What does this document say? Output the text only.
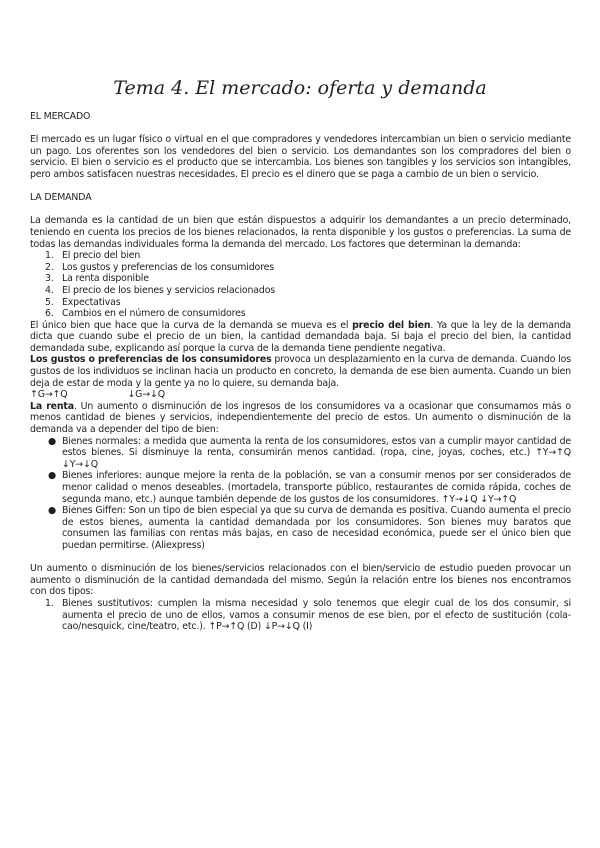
Tema 4. El mercado: oferta y demanda

EL MERCADO

El mercado es un lugar físico o virtual en el que compradores y vendedores intercambian un bien o servicio mediante un pago. Los oferentes son los vendedores del bien o servicio. Los demandantes son los compradores del bien o servicio. El bien o servicio es el producto que se intercambia. Los bienes son tangibles y los servicios son intangibles, pero ambos satisfacen nuestras necesidades. El precio es el dinero que se paga a cambio de un bien o servicio.

LA DEMANDA

La demanda es la cantidad de un bien que están dispuestos a adquirir los demandantes a un precio determinado, teniendo en cuenta los precios de los bienes relacionados, la renta disponible y los gustos o preferencias. La suma de todas las demandas individuales forma la demanda del mercado. Los factores que determinan la demanda:

1. El precio del bien
2. Los gustos y preferencias de los consumidores
3. La renta disponible
4. El precio de los bienes y servicios relacionados
5. Expectativas
6. Cambios en el número de consumidores

El único bien que hace que la curva de la demanda se mueva es el precio del bien. Ya que la ley de la demanda dicta que cuando sube el precio de un bien, la cantidad demandada baja. Si baja el precio del bien, la cantidad demandada sube, explicando así porque la curva de la demanda tiene pendiente negativa.

Los gustos o preferencias de los consumidores provoca un desplazamiento en la curva de demanda. Cuando los gustos de los individuos se inclinan hacia un producto en concreto, la demanda de ese bien aumenta. Cuando un bien deja de estar de moda y la gente ya no lo quiere, su demanda baja.

↑G→↑Q	↓G→↓Q

La renta. Un aumento o disminución de los ingresos de los consumidores va a ocasionar que consumamos más o menos cantidad de bienes y servicios, independientemente del precio de estos. Un aumento o disminución de la demanda va a depender del tipo de bien:

● Bienes normales: a medida que aumenta la renta de los consumidores, estos van a cumplir mayor cantidad de estos bienes. Si disminuye la renta, consumirán menos cantidad. (ropa, cine, joyas, coches, etc.) ↑Y→↑Q ↓Y→↓Q
● Bienes inferiores: aunque mejore la renta de la población, se van a consumir menos por ser considerados de menor calidad o menos deseables. (mortadela, transporte público, restaurantes de comida rápida, coches de segunda mano, etc.) aunque también depende de los gustos de los consumidores. ↑Y→↓Q ↓Y→↑Q
● Bienes Giffen: Son un tipo de bien especial ya que su curva de demanda es positiva. Cuando aumenta el precio de estos bienes, aumenta la cantidad demandada por los consumidores. Son bienes muy baratos que consumen las familias con rentas más bajas, en caso de necesidad económica, puede ser el único bien que puedan permitirse. (Aliexpress)

Un aumento o disminución de los bienes/servicios relacionados con el bien/servicio de estudio pueden provocar un aumento o disminución de la cantidad demandada del mismo. Según la relación entre los bienes nos encontramos con dos tipos:

1. Bienes sustitutivos: cumplen la misma necesidad y solo tenemos que elegir cual de los dos consumir, si aumenta el precio de uno de ellos, vamos a consumir menos de ese bien, por el efecto de sustitución (cola-cao/nesquick, cine/teatro, etc.). ↑P→↑Q (D) ↓P→↓Q (I)
